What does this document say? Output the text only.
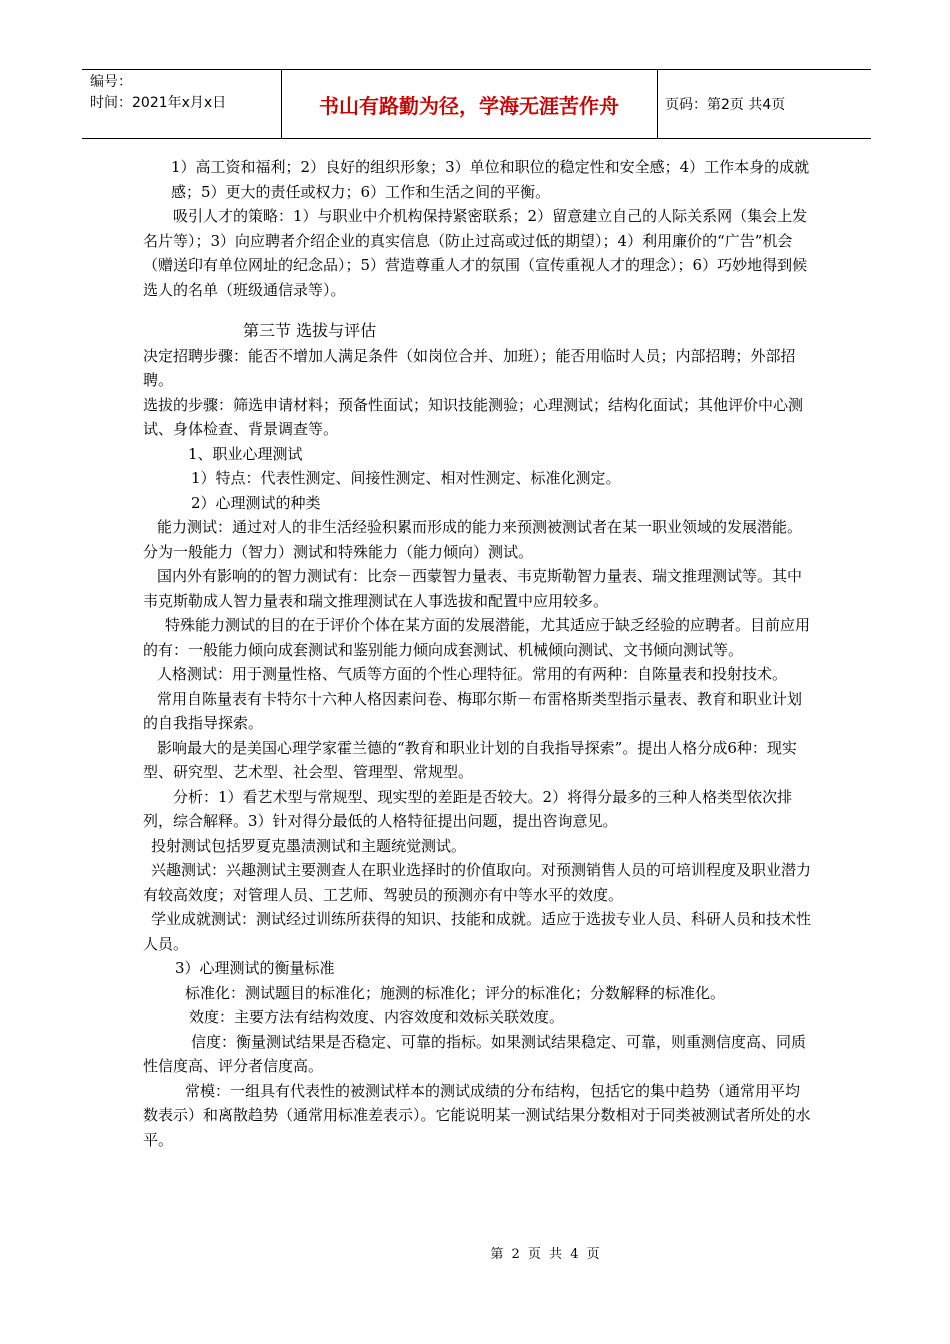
编号：
时间：2021年x月x日	书山有路勤为径，学海无涯苦作舟	页码：第2页 共4页

1）高工资和福利；2）良好的组织形象；3）单位和职位的稳定性和安全感；4）工作本身的成就感；5）更大的责任或权力；6）工作和生活之间的平衡。

吸引人才的策略：1）与职业中介机构保持紧密联系；2）留意建立自己的人际关系网（集会上发名片等）；3）向应聘者介绍企业的真实信息（防止过高或过低的期望）；4）利用廉价的“广告”机会（赠送印有单位网址的纪念品）；5）营造尊重人才的氛围（宣传重视人才的理念）；6）巧妙地得到候选人的名单（班级通信录等）。

第三节 选拔与评估

决定招聘步骤：能否不增加人满足条件（如岗位合并、加班）；能否用临时人员；内部招聘；外部招聘。

选拔的步骤：筛选申请材料；预备性面试；知识技能测验；心理测试；结构化面试；其他评价中心测试、身体检查、背景调查等。

1、职业心理测试

1）特点：代表性测定、间接性测定、相对性测定、标准化测定。

2）心理测试的种类

能力测试：通过对人的非生活经验积累而形成的能力来预测被测试者在某一职业领域的发展潜能。分为一般能力（智力）测试和特殊能力（能力倾向）测试。

国内外有影响的的智力测试有：比奈－西蒙智力量表、韦克斯勒智力量表、瑞文推理测试等。其中韦克斯勒成人智力量表和瑞文推理测试在人事选拔和配置中应用较多。

特殊能力测试的目的在于评价个体在某方面的发展潜能，尤其适应于缺乏经验的应聘者。目前应用的有：一般能力倾向成套测试和鉴别能力倾向成套测试、机械倾向测试、文书倾向测试等。

人格测试：用于测量性格、气质等方面的个性心理特征。常用的有两种：自陈量表和投射技术。

常用自陈量表有卡特尔十六种人格因素问卷、梅耶尔斯－布雷格斯类型指示量表、教育和职业计划的自我指导探索。

影响最大的是美国心理学家霍兰德的“教育和职业计划的自我指导探索”。提出人格分成6种：现实型、研究型、艺术型、社会型、管理型、常规型。

分析：1）看艺术型与常规型、现实型的差距是否较大。2）将得分最多的三种人格类型依次排列，综合解释。3）针对得分最低的人格特征提出问题，提出咨询意见。

投射测试包括罗夏克墨渍测试和主题统觉测试。

兴趣测试：兴趣测试主要测查人在职业选择时的价值取向。对预测销售人员的可培训程度及职业潜力有较高效度；对管理人员、工艺师、驾驶员的预测亦有中等水平的效度。

学业成就测试：测试经过训练所获得的知识、技能和成就。适应于选拔专业人员、科研人员和技术性人员。

3）心理测试的衡量标准

标准化：测试题目的标准化；施测的标准化；评分的标准化；分数解释的标准化。

效度：主要方法有结构效度、内容效度和效标关联效度。

信度：衡量测试结果是否稳定、可靠的指标。如果测试结果稳定、可靠，则重测信度高、同质性信度高、评分者信度高。

常模：一组具有代表性的被测试样本的测试成绩的分布结构，包括它的集中趋势（通常用平均数表示）和离散趋势（通常用标准差表示）。它能说明某一测试结果分数相对于同类被测试者所处的水平。

第 2 页 共 4 页
